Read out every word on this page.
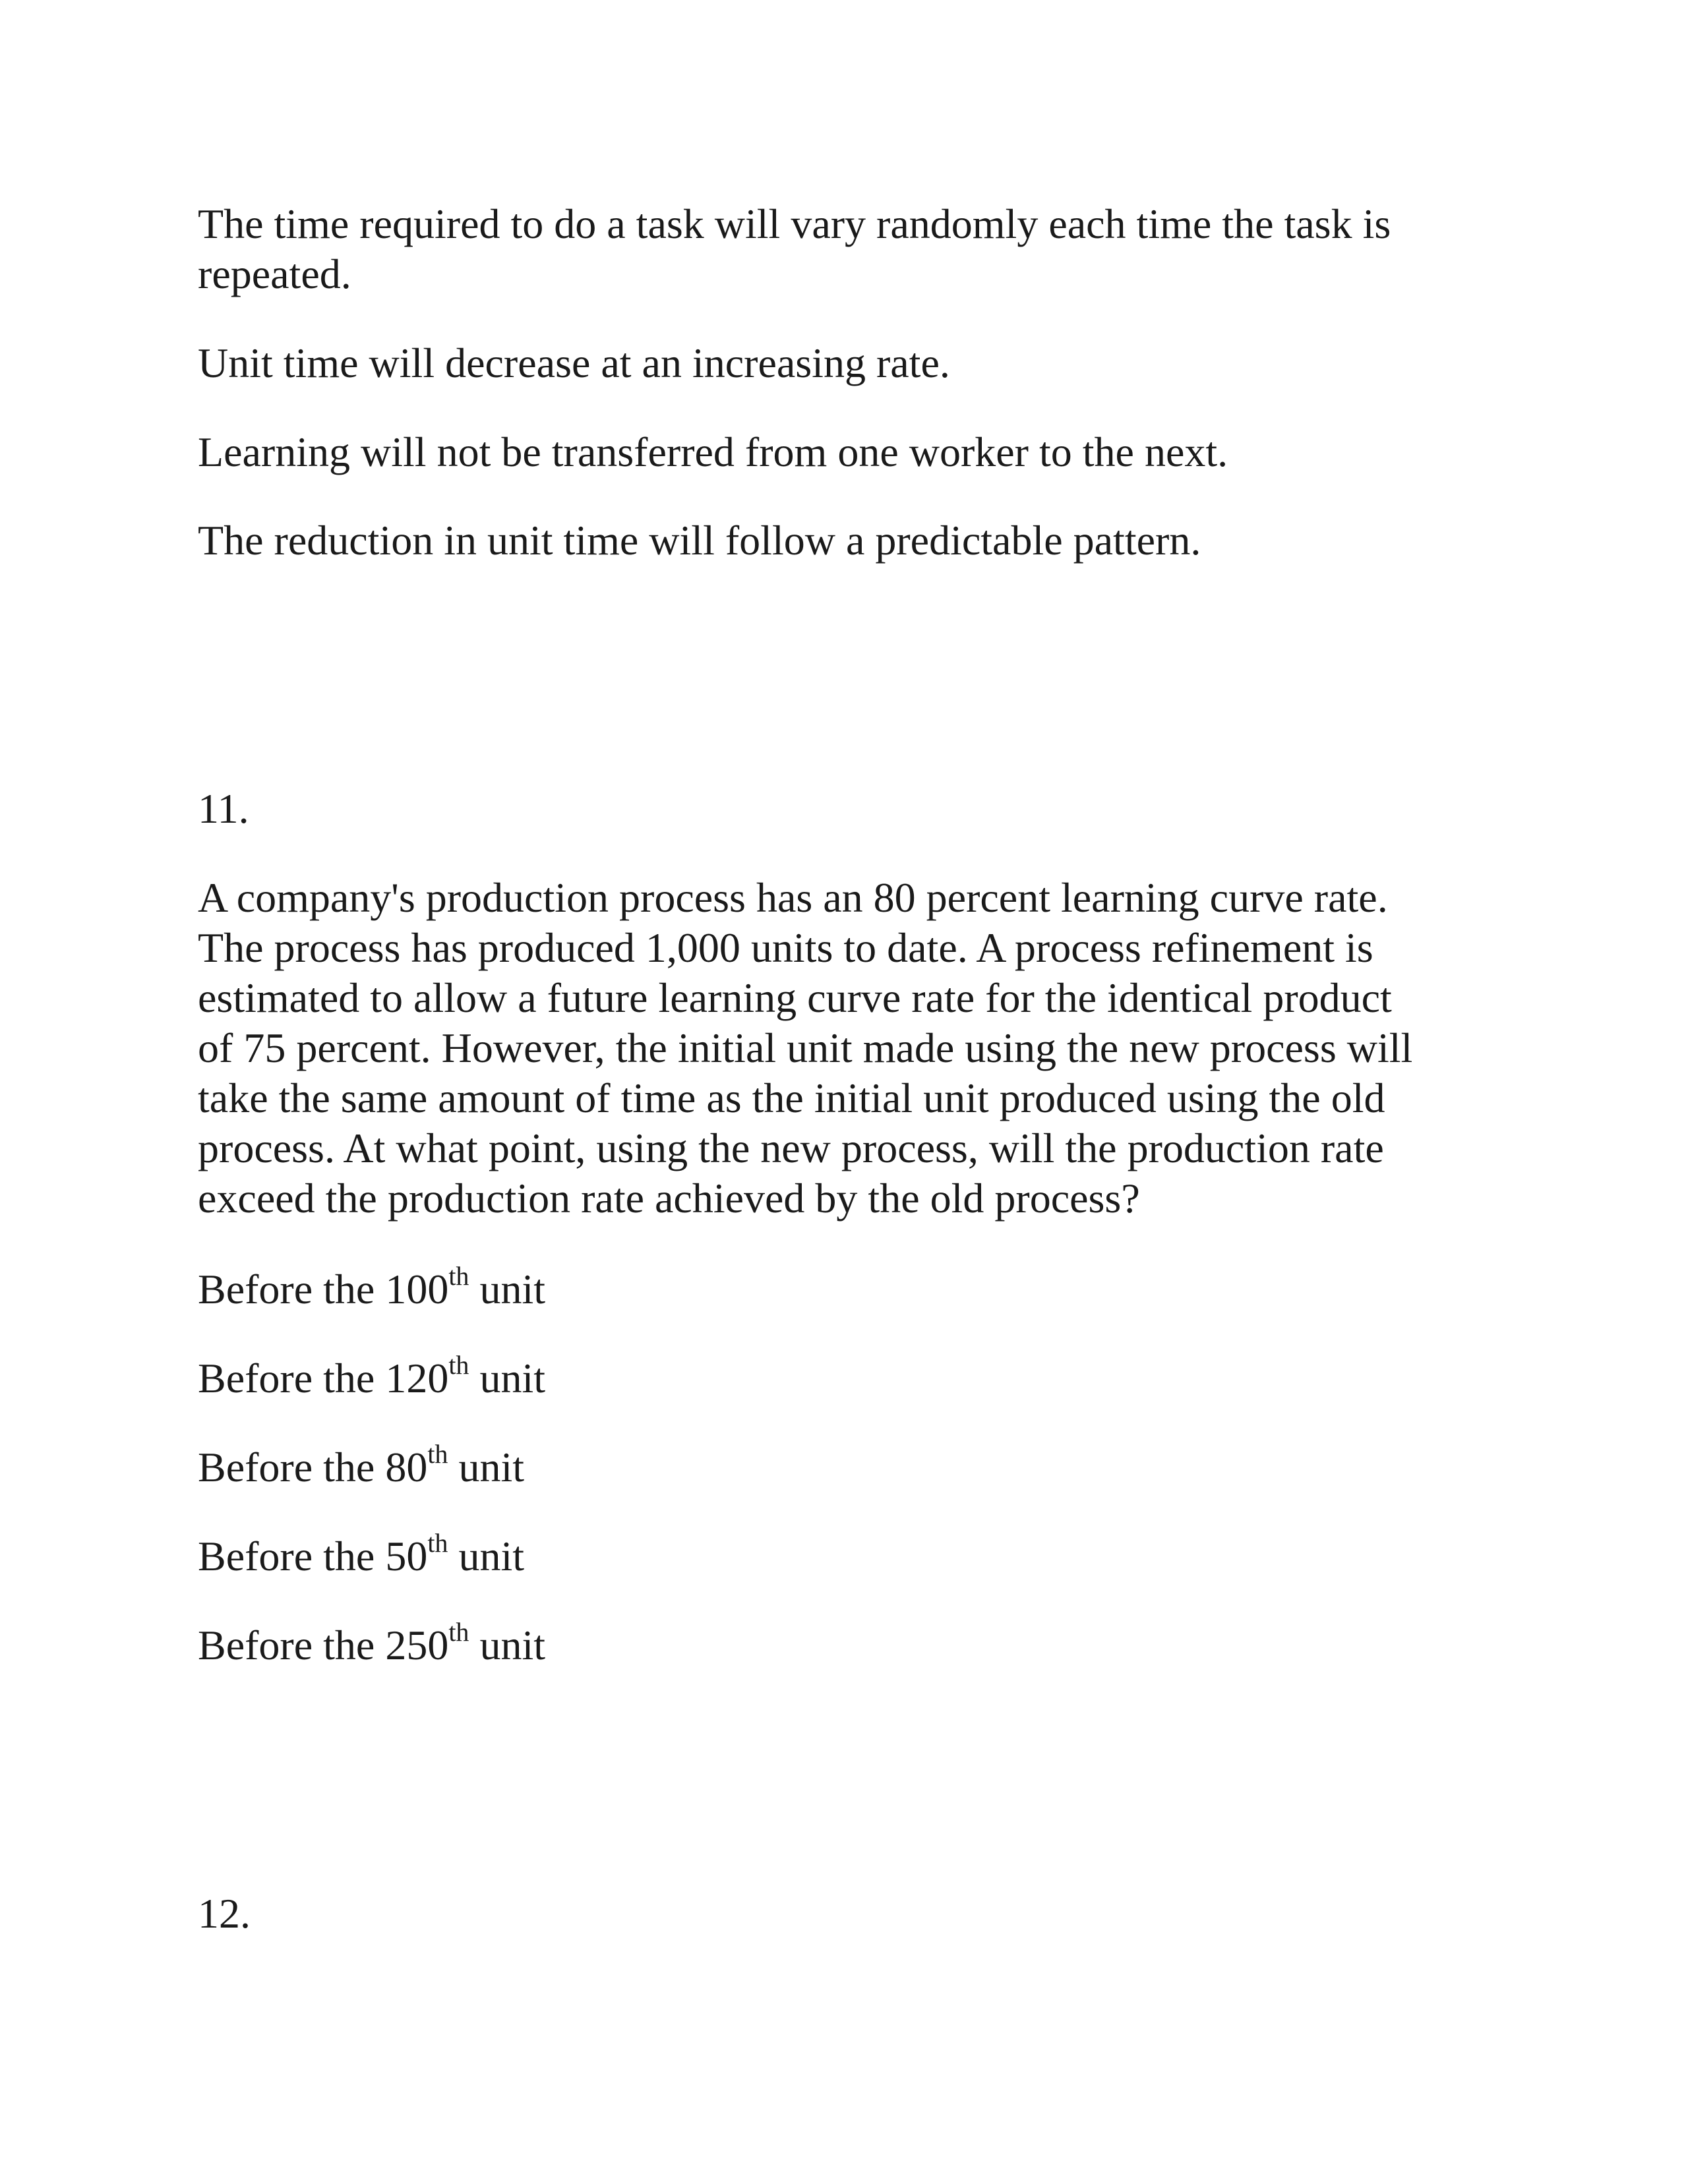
The time required to do a task will vary randomly each time the task is
repeated.

Unit time will decrease at an increasing rate.

Learning will not be transferred from one worker to the next.

The reduction in unit time will follow a predictable pattern.

11.

A company's production process has an 80 percent learning curve rate.
The process has produced 1,000 units to date. A process refinement is
estimated to allow a future learning curve rate for the identical product
of 75 percent. However, the initial unit made using the new process will
take the same amount of time as the initial unit produced using the old
process. At what point, using the new process, will the production rate
exceed the production rate achieved by the old process?

Before the 100th unit

Before the 120th unit

Before the 80th unit

Before the 50th unit

Before the 250th unit

12.
